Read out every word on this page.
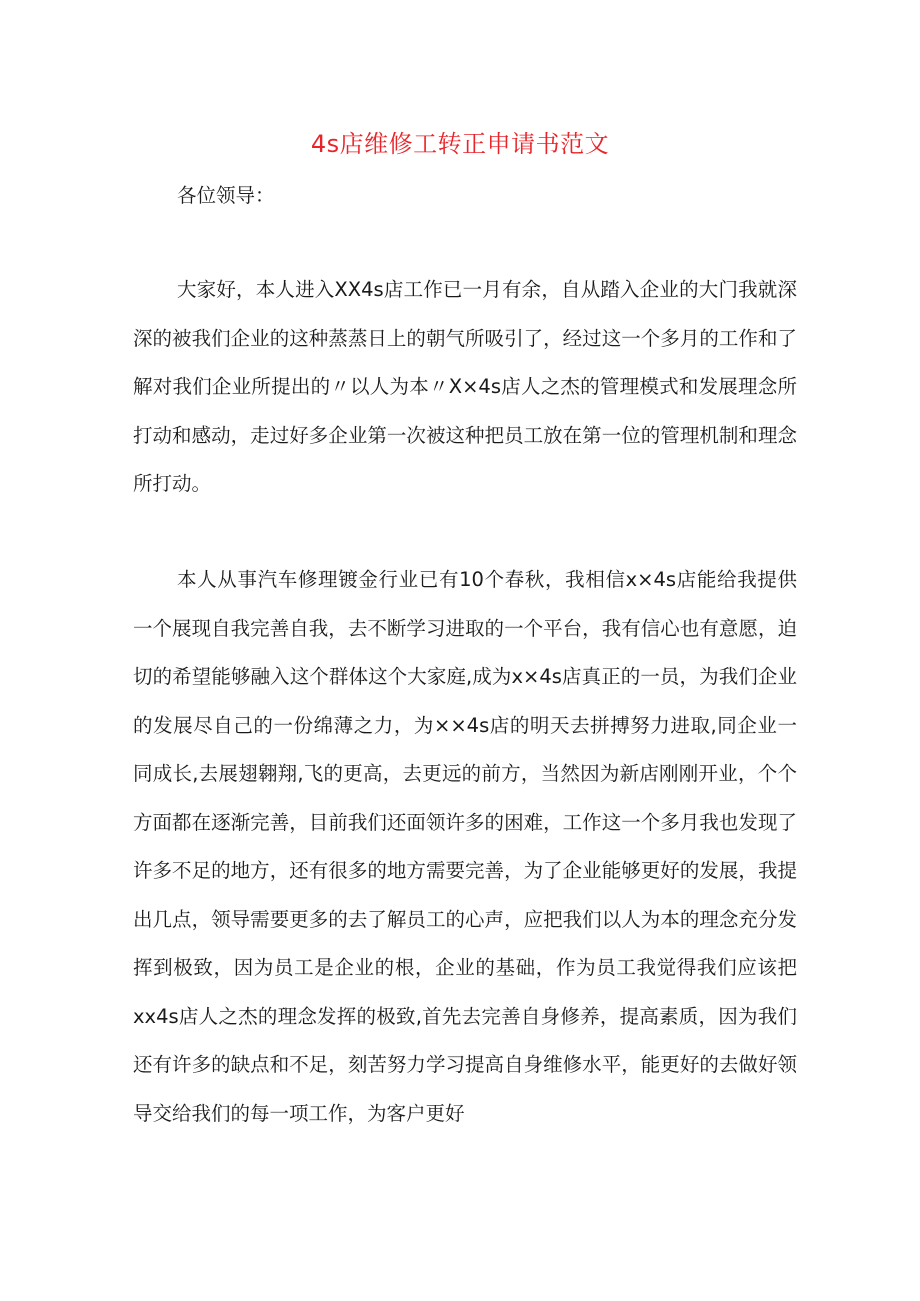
4s店维修工转正申请书范文
各位领导：

大家好，本人进入XX4s店工作已一月有余，自从踏入企业的大门我就深深的被我们企业的这种蒸蒸日上的朝气所吸引了，经过这一个多月的工作和了解对我们企业所提出的〃以人为本〃X×4s店人之杰的管理模式和发展理念所打动和感动，走过好多企业第一次被这种把员工放在第一位的管理机制和理念所打动。

本人从事汽车修理镀金行业已有10个春秋，我相信x×4s店能给我提供一个展现自我完善自我，去不断学习进取的一个平台，我有信心也有意愿，迫切的希望能够融入这个群体这个大家庭,成为x×4s店真正的一员，为我们企业的发展尽自己的一份绵薄之力，为××4s店的明天去拼搏努力进取,同企业一同成长,去展翅翱翔,飞的更高，去更远的前方，当然因为新店刚刚开业，个个方面都在逐渐完善，目前我们还面领许多的困难，工作这一个多月我也发现了许多不足的地方，还有很多的地方需要完善，为了企业能够更好的发展，我提出几点，领导需要更多的去了解员工的心声，应把我们以人为本的理念充分发挥到极致，因为员工是企业的根，企业的基础，作为员工我觉得我们应该把xx4s店人之杰的理念发挥的极致,首先去完善自身修养，提高素质，因为我们还有许多的缺点和不足，刻苦努力学习提高自身维修水平，能更好的去做好领导交给我们的每一项工作，为客户更好
